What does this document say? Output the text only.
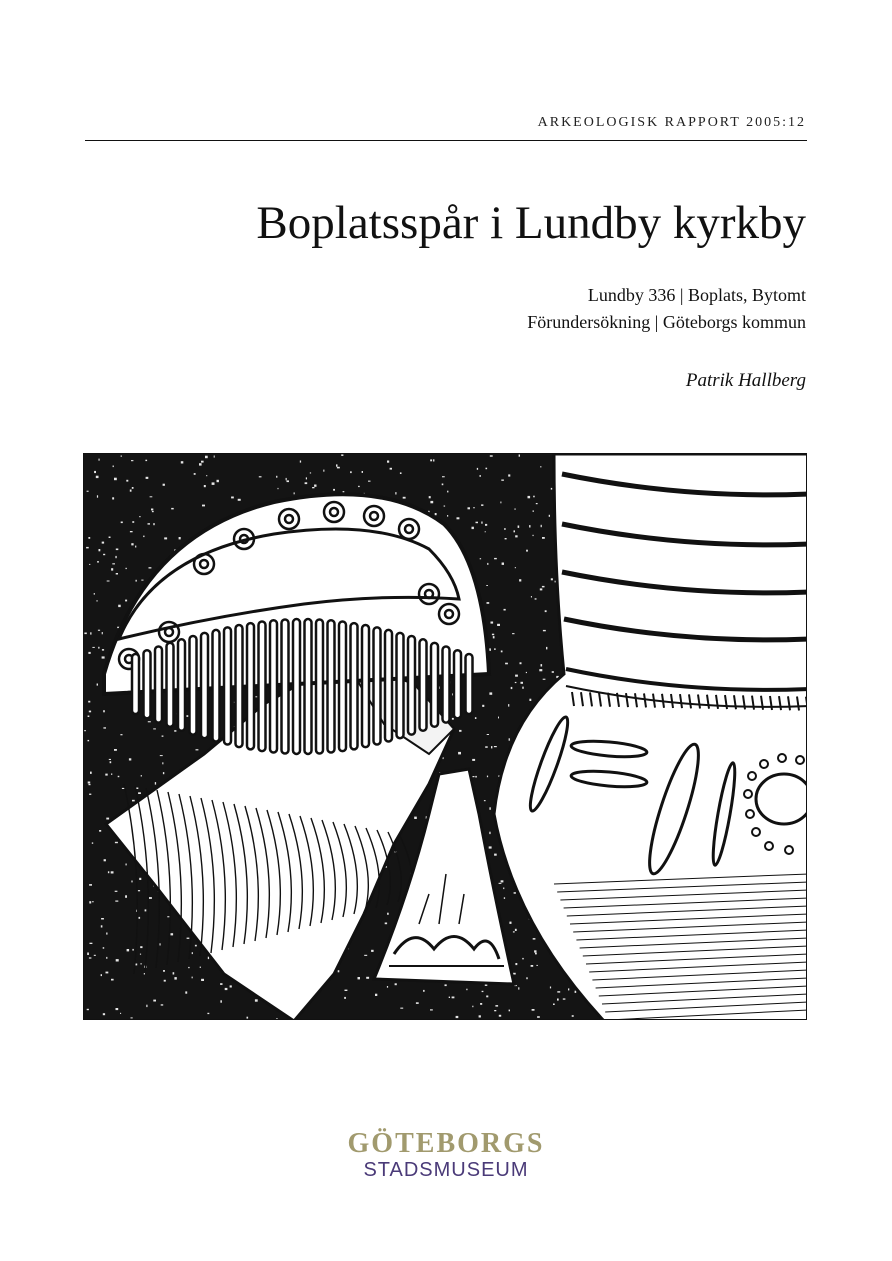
ARKEOLOGISK RAPPORT 2005:12
Boplatsspår i Lundby kyrkby
Lundby 336 | Boplats, Bytomt
Förundersökning | Göteborgs kommun
Patrik Hallberg
GÖTEBORGS
STADSMUSEUM
